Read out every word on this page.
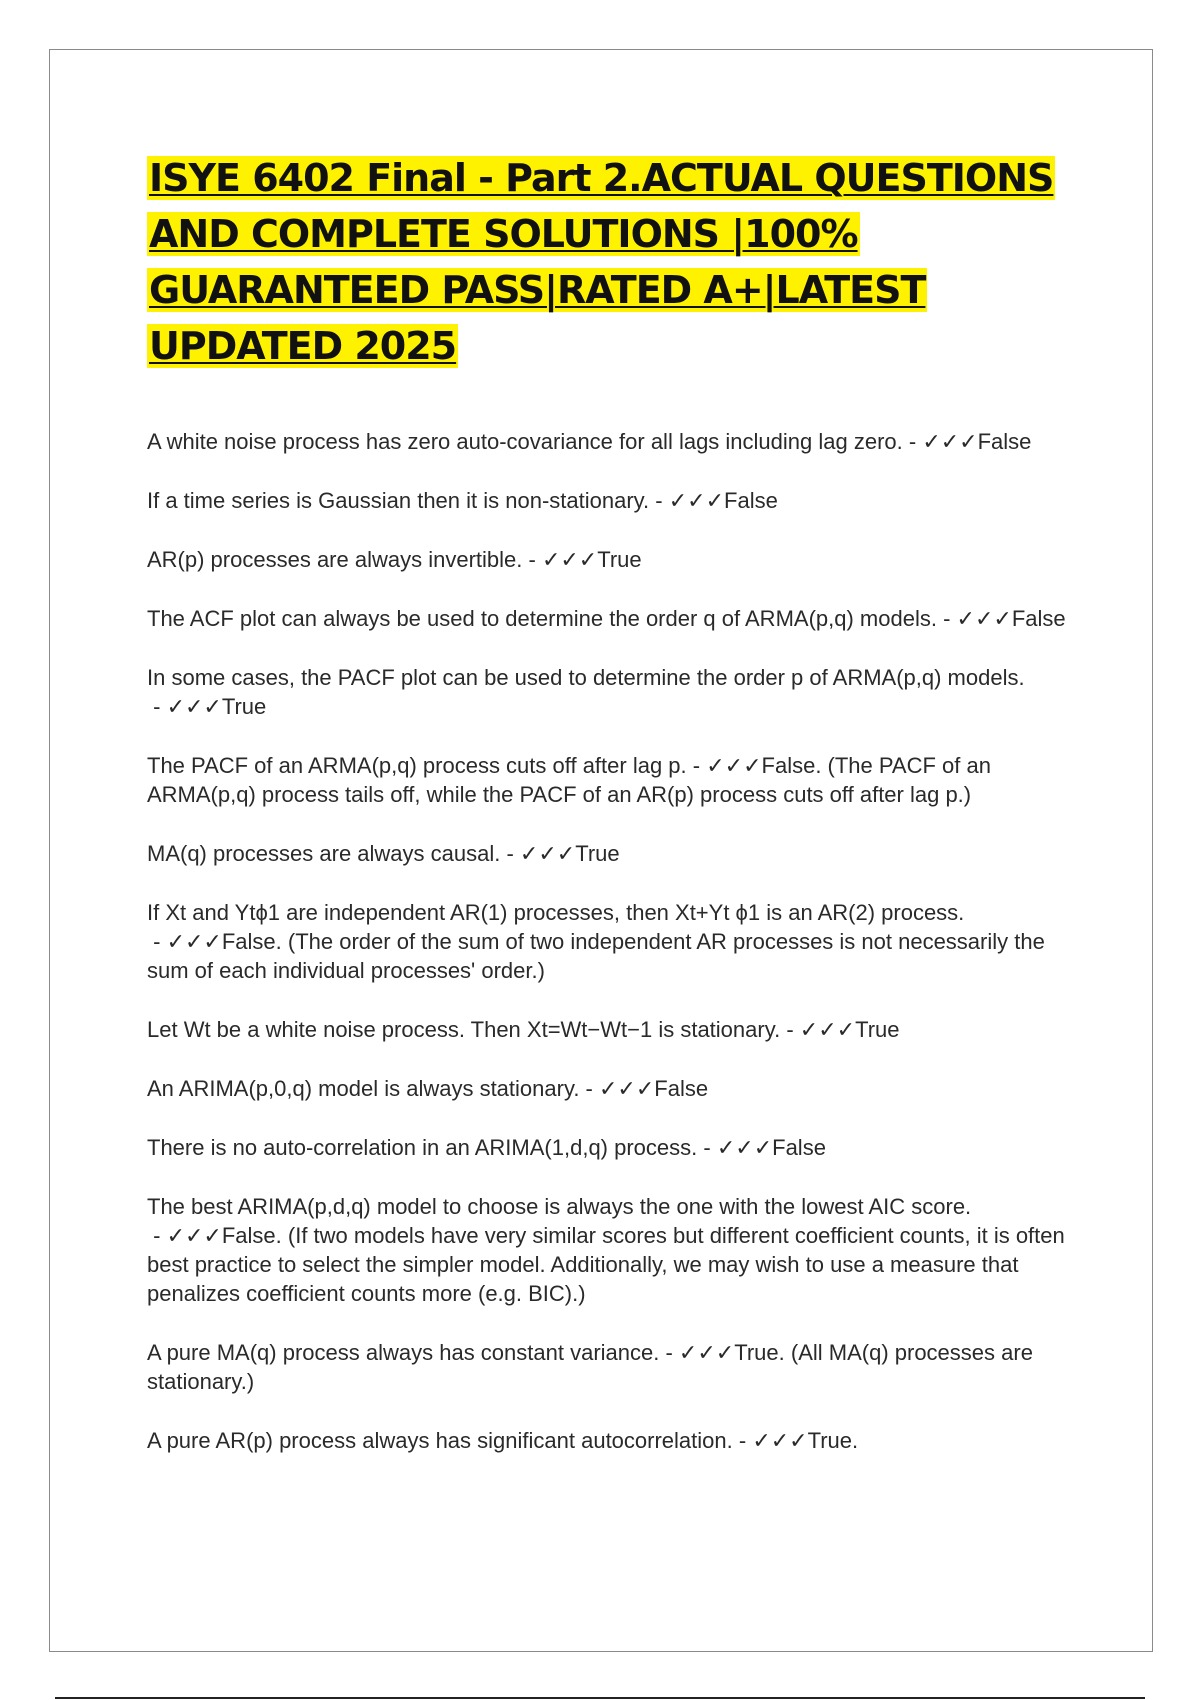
ISYE 6402 Final - Part 2.ACTUAL QUESTIONS AND COMPLETE SOLUTIONS |100% GUARANTEED PASS|RATED A+|LATEST UPDATED 2025

A white noise process has zero auto-covariance for all lags including lag zero. - ✓✓✓False

If a time series is Gaussian then it is non-stationary. - ✓✓✓False

AR(p) processes are always invertible. - ✓✓✓True

The ACF plot can always be used to determine the order q of ARMA(p,q) models. - ✓✓✓False

In some cases, the PACF plot can be used to determine the order p of ARMA(p,q) models. - ✓✓✓True

The PACF of an ARMA(p,q) process cuts off after lag p. - ✓✓✓False. (The PACF of an ARMA(p,q) process tails off, while the PACF of an AR(p) process cuts off after lag p.)

MA(q) processes are always causal. - ✓✓✓True

If Xt and Ytϕ1 are independent AR(1) processes, then Xt+Yt ϕ1 is an AR(2) process. - ✓✓✓False. (The order of the sum of two independent AR processes is not necessarily the sum of each individual processes' order.)

Let Wt be a white noise process. Then Xt=Wt−Wt−1 is stationary. - ✓✓✓True

An ARIMA(p,0,q) model is always stationary. - ✓✓✓False

There is no auto-correlation in an ARIMA(1,d,q) process. - ✓✓✓False

The best ARIMA(p,d,q) model to choose is always the one with the lowest AIC score. - ✓✓✓False. (If two models have very similar scores but different coefficient counts, it is often best practice to select the simpler model. Additionally, we may wish to use a measure that penalizes coefficient counts more (e.g. BIC).)

A pure MA(q) process always has constant variance. - ✓✓✓True. (All MA(q) processes are stationary.)

A pure AR(p) process always has significant autocorrelation. - ✓✓✓True.
